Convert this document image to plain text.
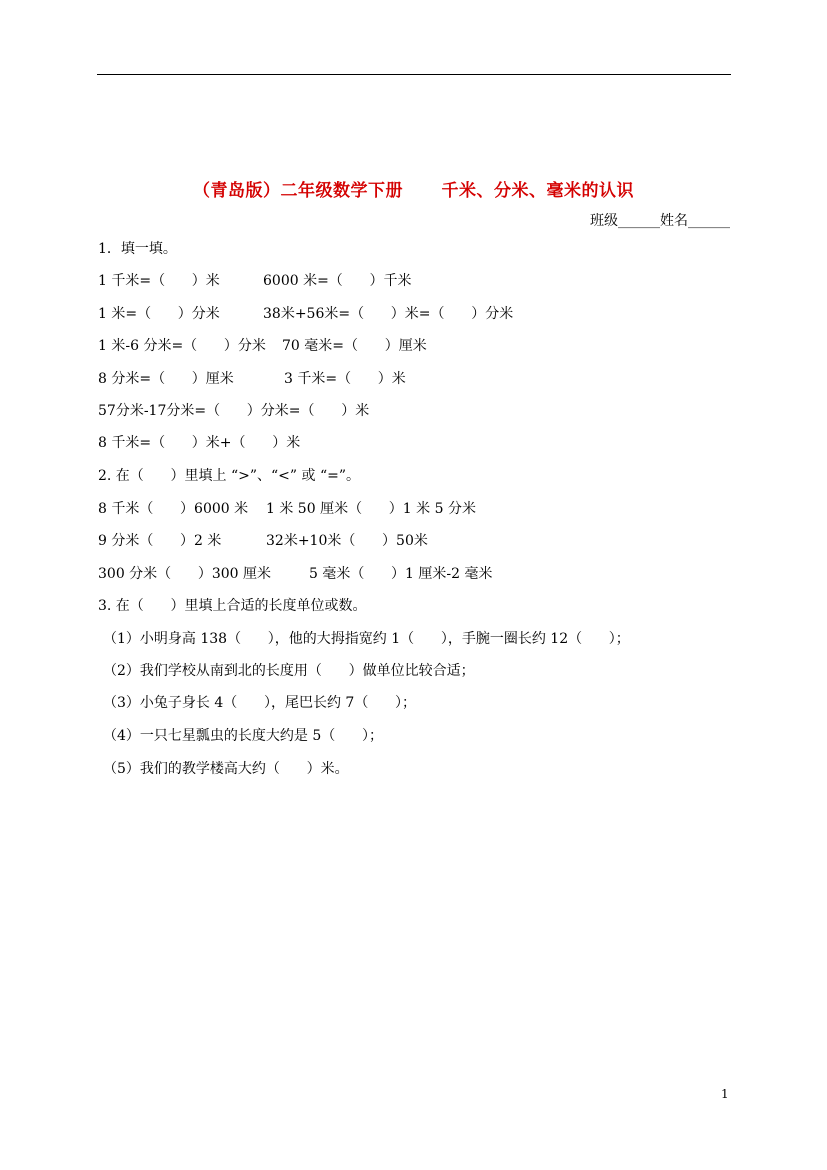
（青岛版）二年级数学下册      千米、分米、毫米的认识
班级______姓名______
1．填一填。
1 千米=（      ）米	6000 米=（      ）千米
1 米=（      ）分米	38米+56米=（      ）米=（      ）分米
1 米-6 分米=（      ）分米 70 毫米=（      ）厘米
8 分米=（      ）厘米	3 千米=（      ）米
57分米-17分米=（      ）分米=（      ）米
8 千米=（      ）米+（      ）米
2. 在（      ）里填上 “>”、“<” 或 “=”。
8 千米（      ）6000 米 1 米 50 厘米（      ）1 米 5 分米
9 分米（      ）2 米	32米+10米（      ）50米
300 分米（      ）300 厘米	5 毫米（      ）1 厘米-2 毫米
3. 在（      ）里填上合适的长度单位或数。
（1）小明身高 138（      ），他的大拇指宽约 1（      ），手腕一圈长约 12（      ）；
（2）我们学校从南到北的长度用（      ）做单位比较合适；
（3）小兔子身长 4（      ），尾巴长约 7（      ）；
（4）一只七星瓢虫的长度大约是 5（      ）；
（5）我们的教学楼高大约（      ）米。
1
